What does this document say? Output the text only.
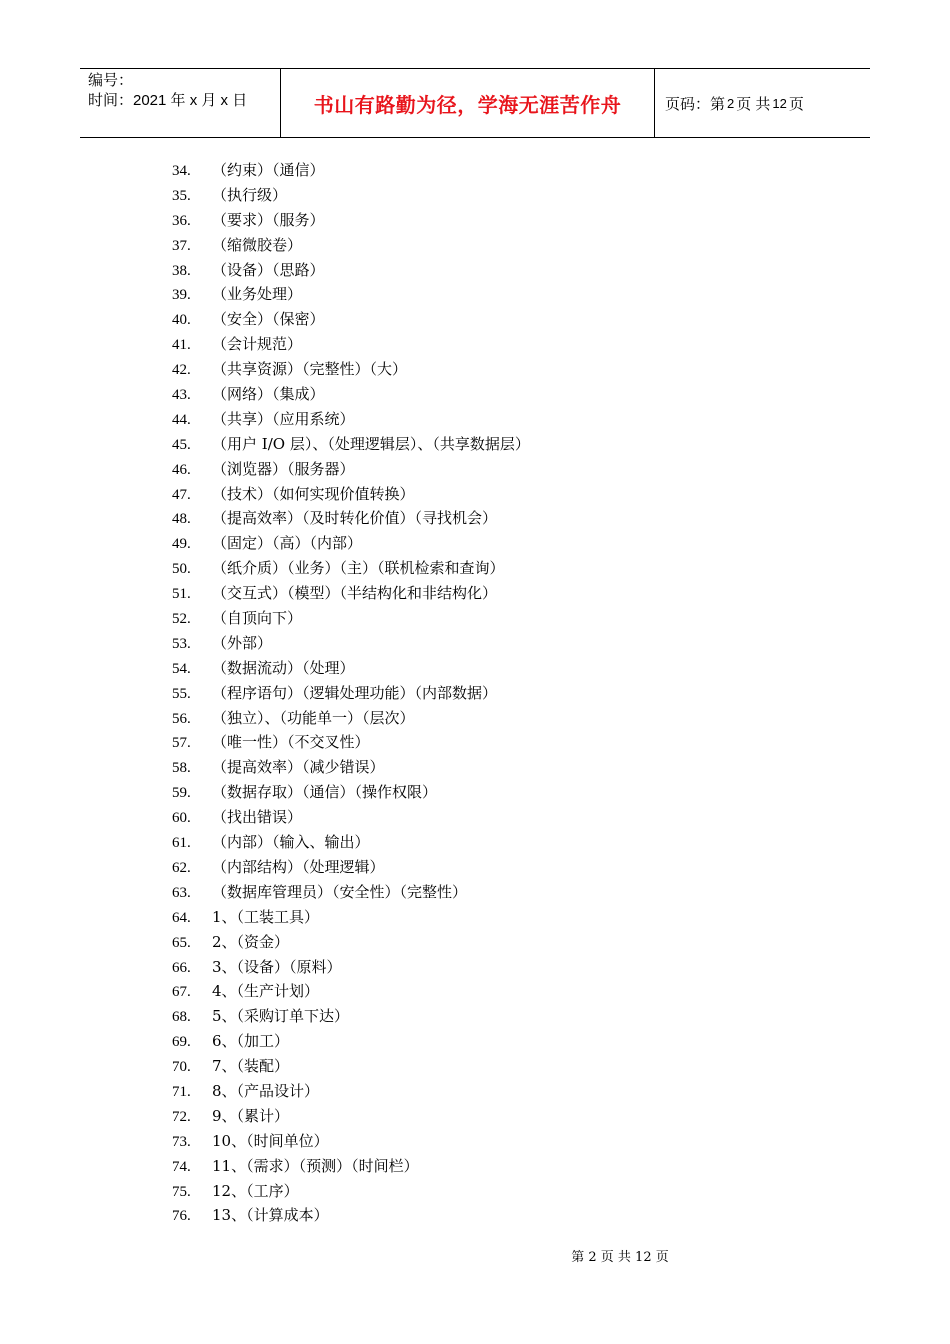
编号：
时间：2021 年 x 月 x 日	书山有路勤为径，学海无涯苦作舟	页码：第 2 页 共 12 页
34. （约束）（通信）
35. （执行级）
36. （要求）（服务）
37. （缩微胶卷）
38. （设备）（思路）
39. （业务处理）
40. （安全）（保密）
41. （会计规范）
42. （共享资源）（完整性）（大）
43. （网络）（集成）
44. （共享）（应用系统）
45. （用户 I/O 层）、（处理逻辑层）、（共享数据层）
46. （浏览器）（服务器）
47. （技术）（如何实现价值转换）
48. （提高效率）（及时转化价值）（寻找机会）
49. （固定）（高）（内部）
50. （纸介质）（业务）（主）（联机检索和查询）
51. （交互式）（模型）（半结构化和非结构化）
52. （自顶向下）
53. （外部）
54. （数据流动）（处理）
55. （程序语句）（逻辑处理功能）（内部数据）
56. （独立）、（功能单一）（层次）
57. （唯一性）（不交叉性）
58. （提高效率）（减少错误）
59. （数据存取）（通信）（操作权限）
60. （找出错误）
61. （内部）（输入、输出）
62. （内部结构）（处理逻辑）
63. （数据库管理员）（安全性）（完整性）
64. 1、（工装工具）
65. 2、（资金）
66. 3、（设备）（原料）
67. 4、（生产计划）
68. 5、（采购订单下达）
69. 6、（加工）
70. 7、（装配）
71. 8、（产品设计）
72. 9、（累计）
73. 10、（时间单位）
74. 11、（需求）（预测）（时间栏）
75. 12、（工序）
76. 13、（计算成本）
第 2 页 共 12 页
